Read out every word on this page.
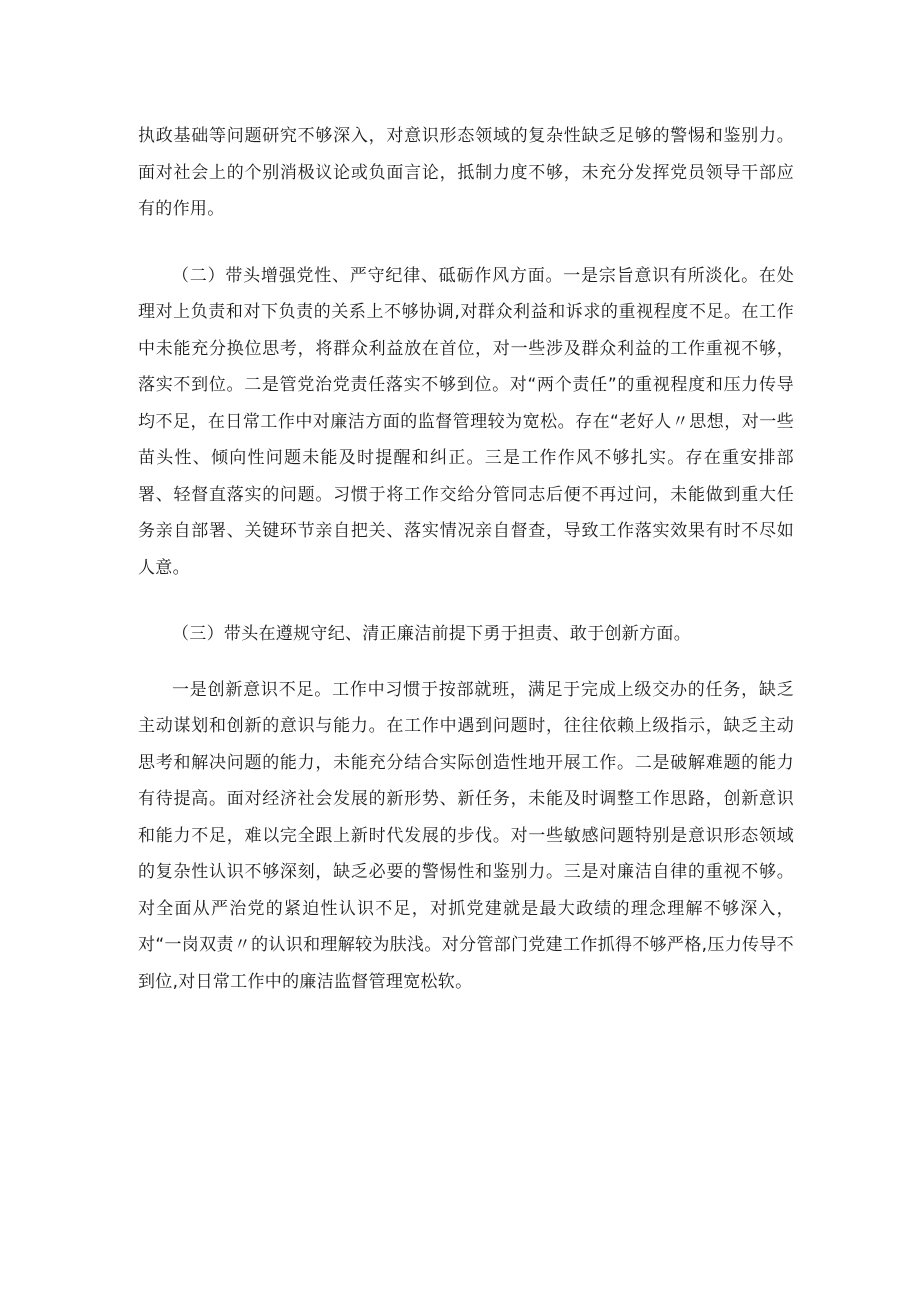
执政基础等问题研究不够深入，对意识形态领域的复杂性缺乏足够的警惕和鉴别力。面对社会上的个别消极议论或负面言论，抵制力度不够，未充分发挥党员领导干部应有的作用。

（二）带头增强党性、严守纪律、砥砺作风方面。一是宗旨意识有所淡化。在处理对上负责和对下负责的关系上不够协调,对群众利益和诉求的重视程度不足。在工作中未能充分换位思考，将群众利益放在首位，对一些涉及群众利益的工作重视不够，落实不到位。二是管党治党责任落实不够到位。对“两个责任”的重视程度和压力传导均不足，在日常工作中对廉洁方面的监督管理较为宽松。存在“老好人〃思想，对一些苗头性、倾向性问题未能及时提醒和纠正。三是工作作风不够扎实。存在重安排部署、轻督直落实的问题。习惯于将工作交给分管同志后便不再过问，未能做到重大任务亲自部署、关键环节亲自把关、落实情况亲自督查，导致工作落实效果有时不尽如人意。

（三）带头在遵规守纪、清正廉洁前提下勇于担责、敢于创新方面。

一是创新意识不足。工作中习惯于按部就班，满足于完成上级交办的任务，缺乏主动谋划和创新的意识与能力。在工作中遇到问题时，往往依赖上级指示，缺乏主动思考和解决问题的能力，未能充分结合实际创造性地开展工作。二是破解难题的能力有待提高。面对经济社会发展的新形势、新任务，未能及时调整工作思路，创新意识和能力不足，难以完全跟上新时代发展的步伐。对一些敏感问题特别是意识形态领域的复杂性认识不够深刻，缺乏必要的警惕性和鉴别力。三是对廉洁自律的重视不够。对全面从严治党的紧迫性认识不足，对抓党建就是最大政绩的理念理解不够深入，对“一岗双责〃的认识和理解较为肤浅。对分管部门党建工作抓得不够严格,压力传导不到位,对日常工作中的廉洁监督管理宽松软。
